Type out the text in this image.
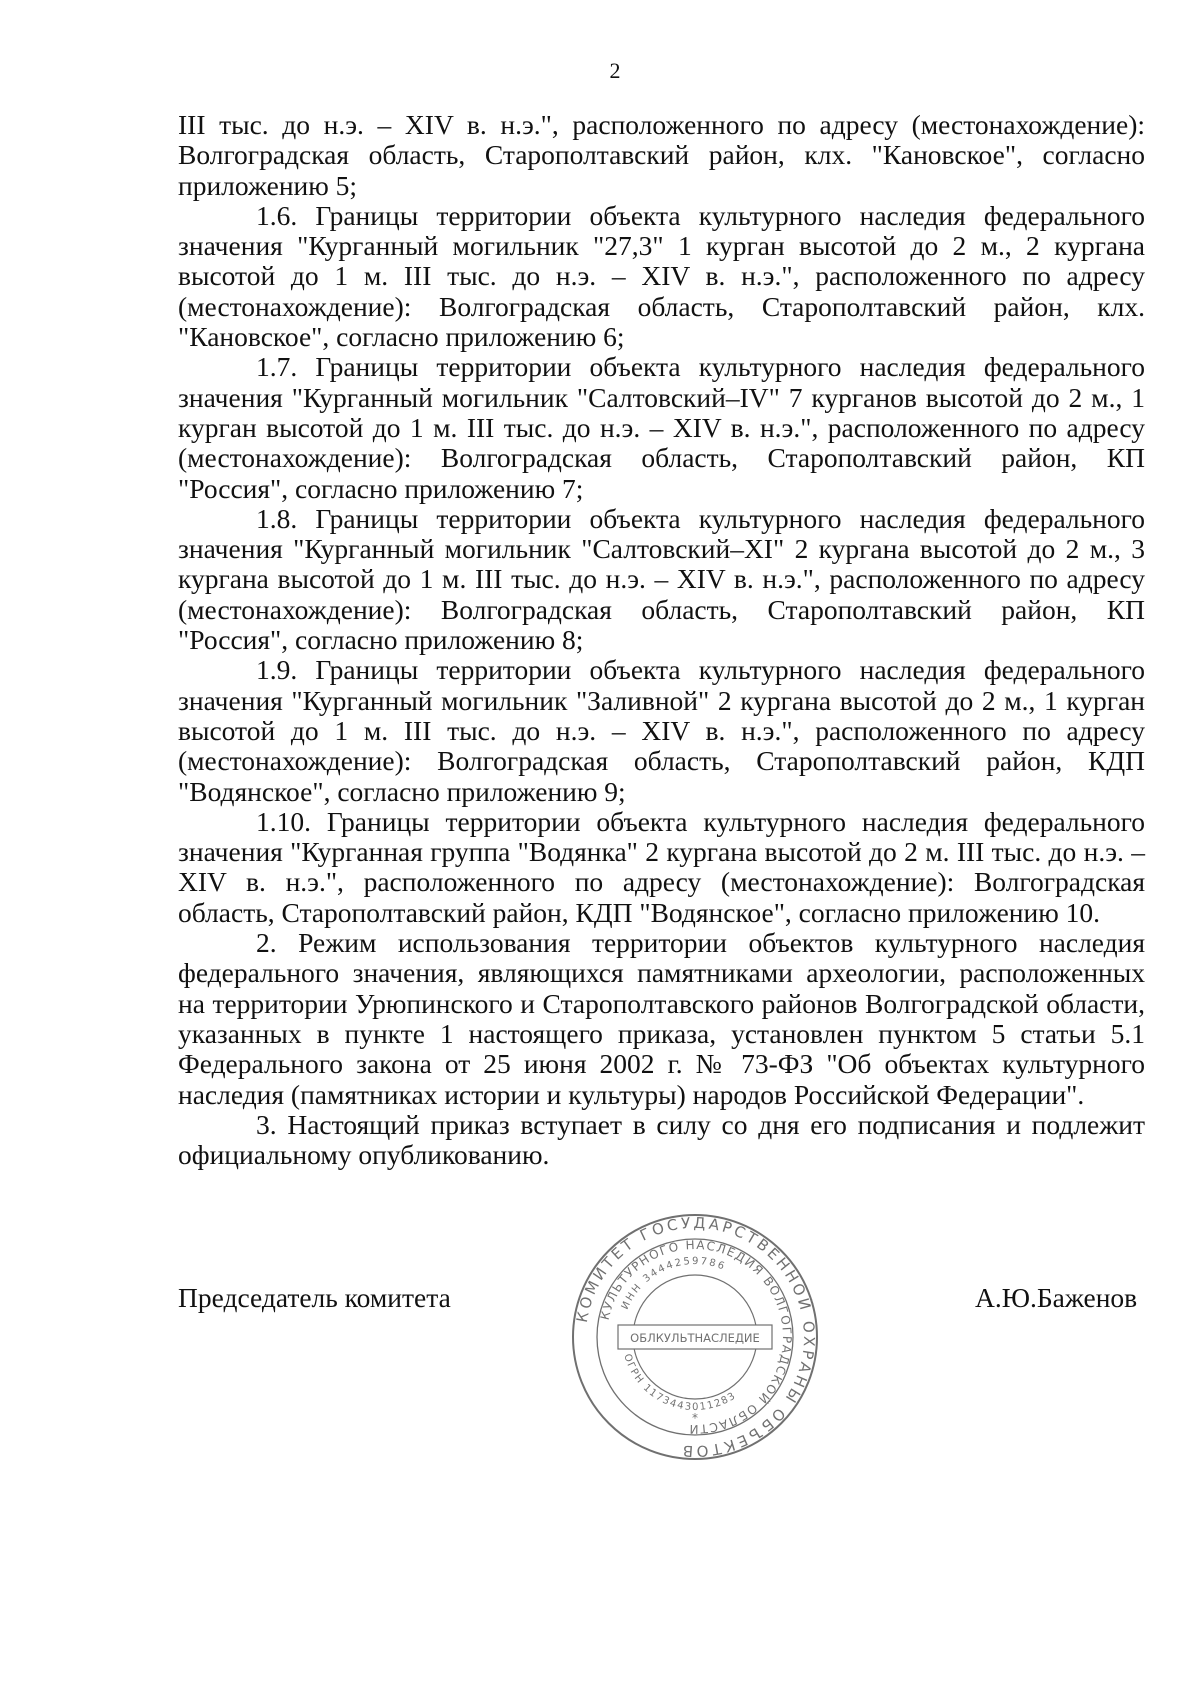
2

III тыс. до н.э. – XIV в. н.э.", расположенного по адресу (местонахождение): Волгоградская область, Старополтавский район, клх. "Кановское", согласно приложению 5;

1.6. Границы территории объекта культурного наследия федерального значения "Курганный могильник "27,3" 1 курган высотой до 2 м., 2 кургана высотой до 1 м. III тыс. до н.э. – XIV в. н.э.", расположенного по адресу (местонахождение): Волгоградская область, Старополтавский район, клх. "Кановское", согласно приложению 6;

1.7. Границы территории объекта культурного наследия федерального значения "Курганный могильник "Салтовский–IV" 7 курганов высотой до 2 м., 1 курган высотой до 1 м. III тыс. до н.э. – XIV в. н.э.", расположенного по адресу (местонахождение): Волгоградская область, Старополтавский район, КП "Россия", согласно приложению 7;

1.8. Границы территории объекта культурного наследия федерального значения "Курганный могильник "Салтовский–XI" 2 кургана высотой до 2 м., 3 кургана высотой до 1 м. III тыс. до н.э. – XIV в. н.э.", расположенного по адресу (местонахождение): Волгоградская область, Старополтавский район, КП "Россия", согласно приложению 8;

1.9. Границы территории объекта культурного наследия федерального значения "Курганный могильник "Заливной" 2 кургана высотой до 2 м., 1 курган высотой до 1 м. III тыс. до н.э. – XIV в. н.э.", расположенного по адресу (местонахождение): Волгоградская область, Старополтавский район, КДП "Водянское", согласно приложению 9;

1.10. Границы территории объекта культурного наследия федерального значения "Курганная группа "Водянка" 2 кургана высотой до 2 м. III тыс. до н.э. – XIV в. н.э.", расположенного по адресу (местонахождение): Волгоградская область, Старополтавский район, КДП "Водянское", согласно приложению 10.

2. Режим использования территории объектов культурного наследия федерального значения, являющихся памятниками археологии, расположенных на территории Урюпинского и Старополтавского районов Волгоградской области, указанных в пункте 1 настоящего приказа, установлен пунктом 5 статьи 5.1 Федерального закона от 25 июня 2002 г. № 73-ФЗ "Об объектах культурного наследия (памятниках истории и культуры) народов Российской Федерации".

3. Настоящий приказ вступает в силу со дня его подписания и подлежит официальному опубликованию.

Председатель комитета	А.Ю.Баженов
КОМИТЕТ ГОСУДАРСТВЕННОЙ ОХРАНЫ ОБЪЕКТОВ
КУЛЬТУРНОГО НАСЛЕДИЯ ВОЛГОГРАДСКОЙ ОБЛАСТИ
ИНН 3444259786
ОГРН 1173443011283
ОБЛКУЛЬТНАСЛЕДИЕ
*
